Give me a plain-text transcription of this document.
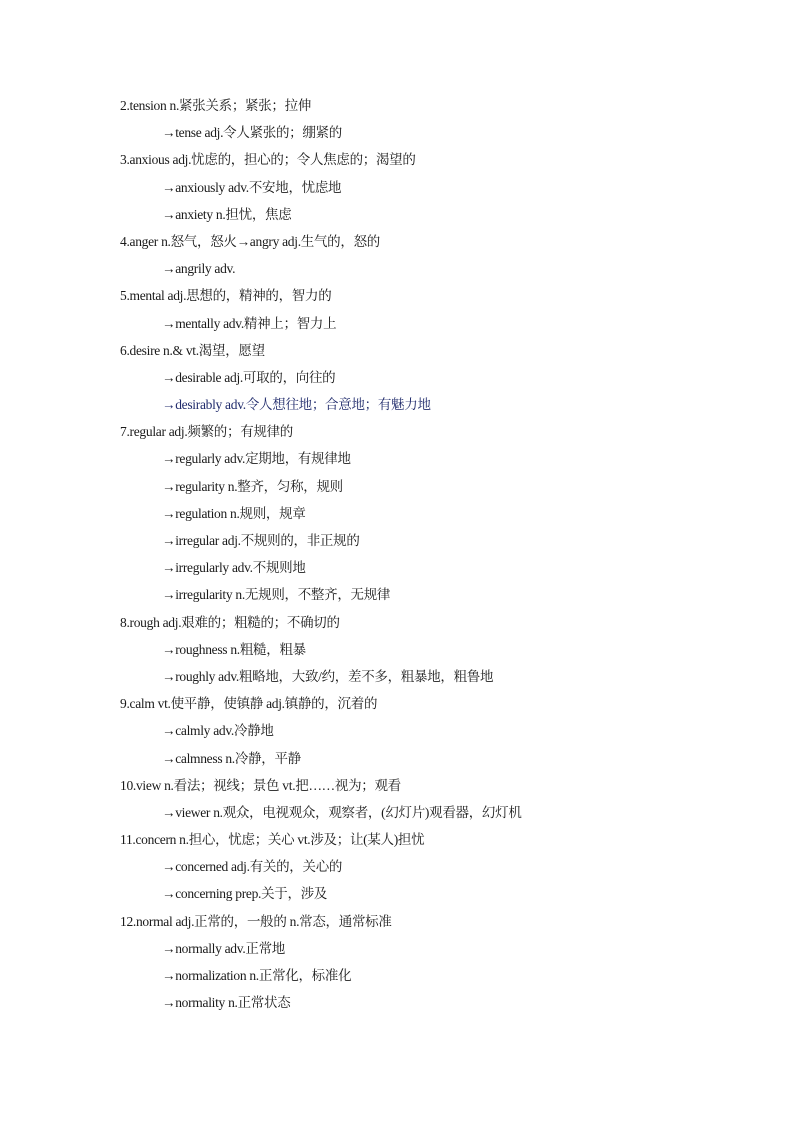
2.tension n.紧张关系；紧张；拉伸
→tense adj.令人紧张的；绷紧的
3.anxious adj.忧虑的，担心的；令人焦虑的；渴望的
→anxiously adv.不安地，忧虑地
→anxiety n.担忧，焦虑
4.anger n.怒气，怒火→angry adj.生气的，怒的
→angrily adv.
5.mental adj.思想的，精神的，智力的
→mentally adv.精神上；智力上
6.desire n.& vt.渴望，愿望
→desirable adj.可取的，向往的
→desirably adv.令人想往地；合意地；有魅力地
7.regular adj.频繁的；有规律的
→regularly adv.定期地，有规律地
→regularity n.整齐，匀称，规则
→regulation n.规则，规章
→irregular adj.不规则的，非正规的
→irregularly adv.不规则地
→irregularity n.无规则，不整齐，无规律
8.rough adj.艰难的；粗糙的；不确切的
→roughness n.粗糙，粗暴
→roughly adv.粗略地，大致/约，差不多，粗暴地，粗鲁地
9.calm vt.使平静，使镇静 adj.镇静的，沉着的
→calmly adv.冷静地
→calmness n.冷静，平静
10.view n.看法；视线；景色 vt.把……视为；观看
→viewer n.观众，电视观众，观察者，(幻灯片)观看器，幻灯机
11.concern n.担心，忧虑；关心 vt.涉及；让(某人)担忧
→concerned adj.有关的，关心的
→concerning prep.关于，涉及
12.normal adj.正常的，一般的 n.常态，通常标准
→normally adv.正常地
→normalization n.正常化，标准化
→normality n.正常状态
